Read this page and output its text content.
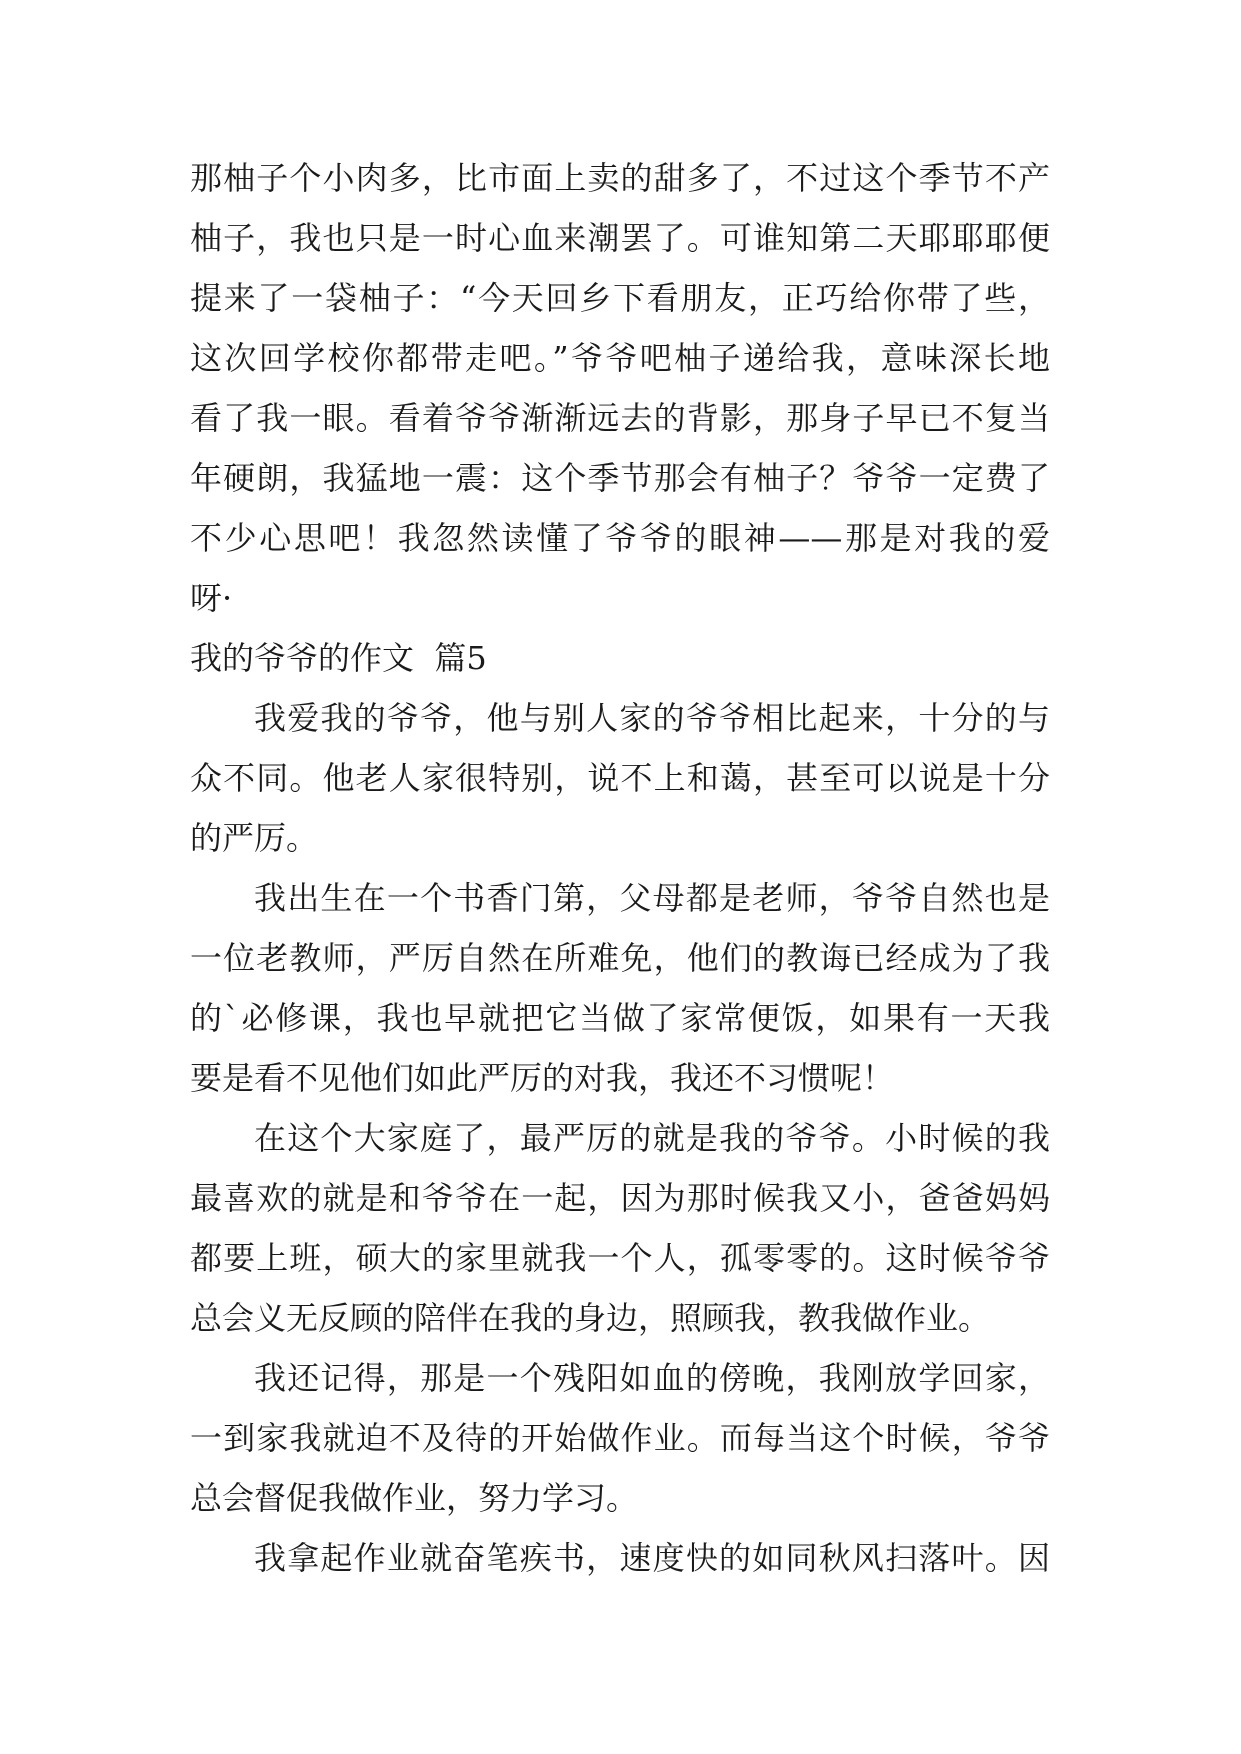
那柚子个小肉多，比市面上卖的甜多了，不过这个季节不产
柚子，我也只是一时心血来潮罢了。可谁知第二天耶耶耶便
提来了一袋柚子：“今天回乡下看朋友，正巧给你带了些，
这次回学校你都带走吧。”爷爷吧柚子递给我，意味深长地
看了我一眼。看着爷爷渐渐远去的背影，那身子早已不复当
年硬朗，我猛地一震：这个季节那会有柚子？爷爷一定费了
不少心思吧！我忽然读懂了爷爷的眼神——那是对我的爱
呀·
我的爷爷的作文  篇5
我爱我的爷爷，他与别人家的爷爷相比起来，十分的与
众不同。他老人家很特别，说不上和蔼，甚至可以说是十分
的严厉。
我出生在一个书香门第，父母都是老师，爷爷自然也是
一位老教师，严厉自然在所难免，他们的教诲已经成为了我
的`必修课，我也早就把它当做了家常便饭，如果有一天我
要是看不见他们如此严厉的对我，我还不习惯呢！
在这个大家庭了，最严厉的就是我的爷爷。小时候的我
最喜欢的就是和爷爷在一起，因为那时候我又小，爸爸妈妈
都要上班，硕大的家里就我一个人，孤零零的。这时候爷爷
总会义无反顾的陪伴在我的身边，照顾我，教我做作业。
我还记得，那是一个残阳如血的傍晚，我刚放学回家，
一到家我就迫不及待的开始做作业。而每当这个时候，爷爷
总会督促我做作业，努力学习。
我拿起作业就奋笔疾书，速度快的如同秋风扫落叶。因
